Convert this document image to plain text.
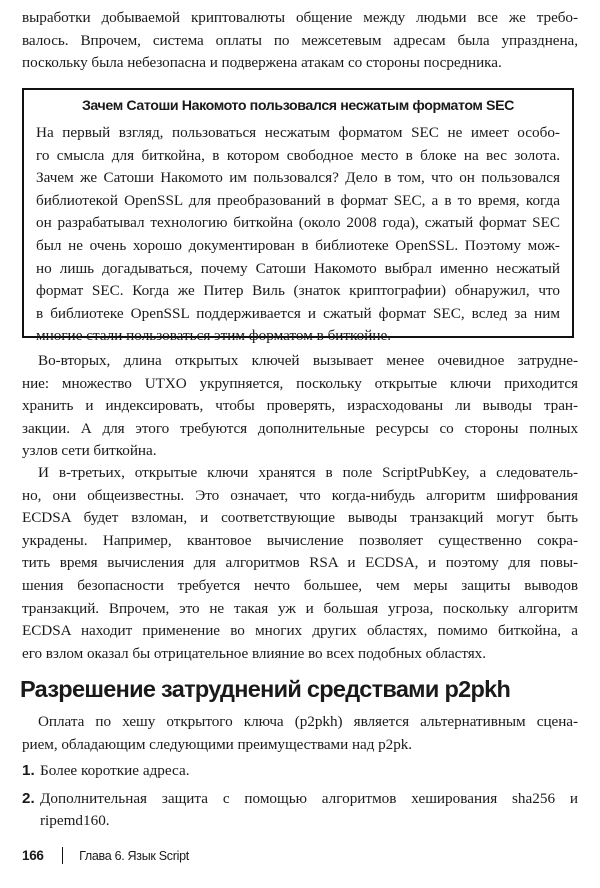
выработки добываемой криптовалюты общение между людьми все же требо-
валось. Впрочем, система оплаты по межсетевым адресам была упразднена,
поскольку была небезопасна и подвержена атакам со стороны посредника.
Зачем Сатоши Накомото пользовался несжатым форматом SEC
На первый взгляд, пользоваться несжатым форматом SEC не имеет особо-
го смысла для биткойна, в котором свободное место в блоке на вес золота.
Зачем же Сатоши Накомото им пользовался? Дело в том, что он пользовался
библиотекой OpenSSL для преобразований в формат SEC, а в то время, когда
он разрабатывал технологию биткойна (около 2008 года), сжатый формат SEC
был не очень хорошо документирован в библиотеке OpenSSL. Поэтому мож-
но лишь догадываться, почему Сатоши Накомото выбрал именно несжатый
формат SEC. Когда же Питер Виль (знаток криптографии) обнаружил, что
в библиотеке OpenSSL поддерживается и сжатый формат SEC, вслед за ним
многие стали пользоваться этим форматом в биткойне.
Во-вторых, длина открытых ключей вызывает менее очевидное затрудне-
ние: множество UTXO укрупняется, поскольку открытые ключи приходится
хранить и индексировать, чтобы проверять, израсходованы ли выводы тран-
закции. А для этого требуются дополнительные ресурсы со стороны полных
узлов сети биткойна.
И в-третьих, открытые ключи хранятся в поле ScriptPubKey, а следователь-
но, они общеизвестны. Это означает, что когда-нибудь алгоритм шифрования
ECDSA будет взломан, и соответствующие выводы транзакций могут быть
украдены. Например, квантовое вычисление позволяет существенно сокра-
тить время вычисления для алгоритмов RSA и ECDSA, и поэтому для повы-
шения безопасности требуется нечто большее, чем меры защиты выводов
транзакций. Впрочем, это не такая уж и большая угроза, поскольку алгоритм
ECDSA находит применение во многих других областях, помимо биткойна, а
его взлом оказал бы отрицательное влияние во всех подобных областях.
Разрешение затруднений средствами p2pkh
Оплата по хешу открытого ключа (p2pkh) является альтернативным сцена-
рием, обладающим следующими преимуществами над p2pk.
1. Более короткие адреса.
2. Дополнительная защита с помощью алгоритмов хеширования sha256 и
ripemd160.
166	Глава 6. Язык Script
